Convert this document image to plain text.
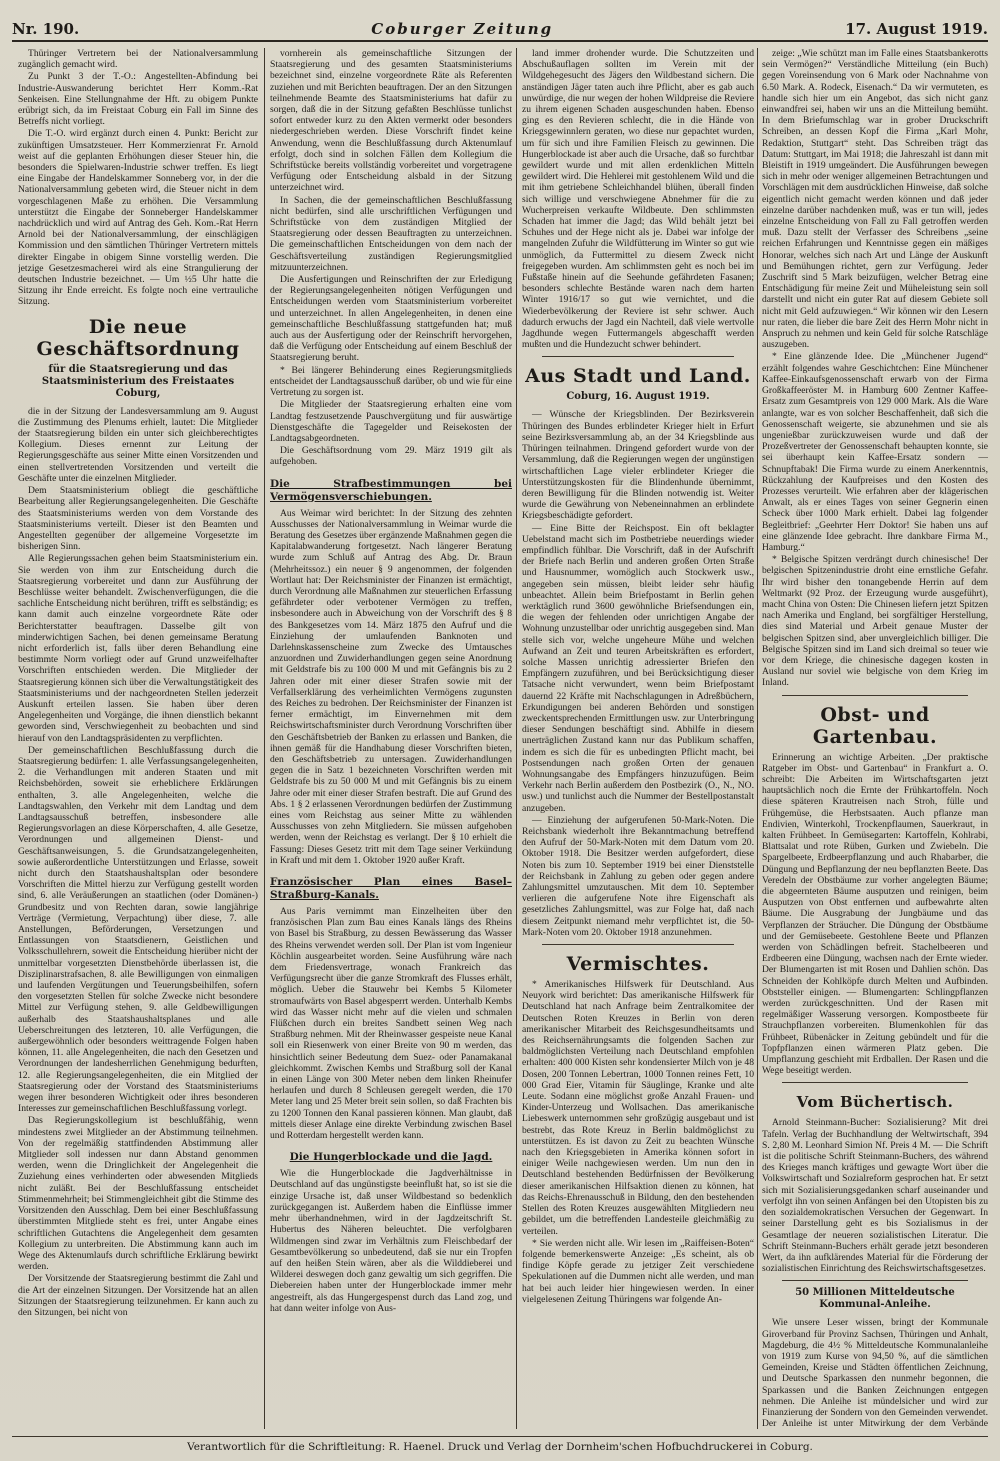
Nr. 190.	Coburger Zeitung	17. August 1919.

Thüringer Vertretern bei der Nationalversammlung zugänglich gemacht wird.

Zu Punkt 3 der T.-O.: Angestellten-Abfindung bei Industrie-Auswanderung berichtet Herr Komm.-Rat Senkeisen. Eine Stellungnahme der Hft. zu obigem Punkte erübrigt sich, da im Freistaat Coburg ein Fall im Sinne des Betreffs nicht vorliegt.

Die T.-O. wird ergänzt durch einen 4. Punkt: Bericht zur zukünftigen Umsatzsteuer. Herr Kommerzienrat Fr. Arnold weist auf die geplanten Erhöhungen dieser Steuer hin, die besonders die Spielwaren-Industrie schwer treffen. Es liegt eine Eingabe der Handelskammer Sonneberg vor, in der die Nationalversammlung gebeten wird, die Steuer nicht in dem vorgeschlagenen Maße zu erhöhen. Die Versammlung unterstützt die Eingabe der Sonneberger Handelskammer nachdrücklich und wird auf Antrag des Geh. Kom.-Rat Herrn Arnold bei der Nationalversammlung, der einschlägigen Kommission und den sämtlichen Thüringer Vertretern mittels direkter Eingabe in obigem Sinne vorstellig werden. Die jetzige Gesetzesmacherei wird als eine Strangulierung der deutschen Industrie bezeichnet. — Um ½5 Uhr hatte die Sitzung ihr Ende erreicht. Es folgte noch eine vertrauliche Sitzung.

Die neue Geschäftsordnung
für die Staatsregierung und das Staatsministerium des Freistaates Coburg,

die in der Sitzung der Landesversammlung am 9. August die Zustimmung des Plenums erhielt, lautet: Die Mitglieder der Staatsregierung bilden ein unter sich gleichberechtigtes Kollegium. Dieses ernennt zur Leitung der Regierungsgeschäfte aus seiner Mitte einen Vorsitzenden und einen stellvertretenden Vorsitzenden und verteilt die Geschäfte unter die einzelnen Mitglieder.

Dem Staatsministerium obliegt die geschäftliche Bearbeitung aller Regierungsangelegenheiten. Die Geschäfte des Staatsministeriums werden von dem Vorstande des Staatsministeriums verteilt. Dieser ist den Beamten und Angestellten gegenüber der allgemeine Vorgesetzte im bisherigen Sinn.

Alle Regierungssachen gehen beim Staatsministerium ein. Sie werden von ihm zur Entscheidung durch die Staatsregierung vorbereitet und dann zur Ausführung der Beschlüsse weiter behandelt. Zwischenverfügungen, die die sachliche Entscheidung nicht berühren, trifft es selbständig; es kann damit auch einzelne vorgeordnete Räte oder Berichterstatter beauftragen. Dasselbe gilt von minderwichtigen Sachen, bei denen gemeinsame Beratung nicht erforderlich ist, falls über deren Behandlung eine bestimmte Norm vorliegt oder auf Grund unzweifelhafter Vorschriften entschieden werden. Die Mitglieder der Staatsregierung können sich über die Verwaltungstätigkeit des Staatsministeriums und der nachgeordneten Stellen jederzeit Auskunft erteilen lassen. Sie haben über deren Angelegenheiten und Vorgänge, die ihnen dienstlich bekannt geworden sind, Verschwiegenheit zu beobachten und sind hierauf von den Landtagspräsidenten zu verpflichten.

Der gemeinschaftlichen Beschlußfassung durch die Staatsregierung bedürfen: 1. alle Verfassungsangelegenheiten, 2. die Verhandlungen mit anderen Staaten und mit Reichsbehörden, soweit sie erheblichere Erklärungen enthalten, 3. alle Angelegenheiten, welche die Landtagswahlen, den Verkehr mit dem Landtag und dem Landtagsausschuß betreffen, insbesondere alle Regierungsvorlagen an diese Körperschaften, 4. alle Gesetze, Verordnungen und allgemeinen Dienst- und Geschäftsanweisungen, 5. die Grundsatzangelegenheiten, sowie außerordentliche Unterstützungen und Erlasse, soweit nicht durch den Staatshaushaltsplan oder besondere Vorschriften die Mittel hierzu zur Verfügung gestellt worden sind, 6. alle Veräußerungen an staatlichen (oder Domänen-) Grundbesitz und von Rechten daran, sowie langjährige Verträge (Vermietung, Verpachtung) über diese, 7. alle Anstellungen, Beförderungen, Versetzungen und Entlassungen von Staatsdienern, Geistlichen und Volksschullehrern, soweit die Entscheidung hierüber nicht der unmittelbar vorgesetzten Dienstbehörde überlassen ist, die Disziplinarstrafsachen, 8. alle Bewilligungen von einmaligen und laufenden Vergütungen und Teuerungsbeihilfen, sofern den vorgesetzten Stellen für solche Zwecke nicht besondere Mittel zur Verfügung stehen, 9. alle Geldbewilligungen außerhalb des Staatshaushaltsplanes und alle Ueberschreitungen des letzteren, 10. alle Verfügungen, die außergewöhnlich oder besonders weittragende Folgen haben können, 11. alle Angelegenheiten, die nach den Gesetzen und Verordnungen der landesherrlichen Genehmigung bedurften, 12. alle Regierungsangelegenheiten, die ein Mitglied der Staatsregierung oder der Vorstand des Staatsministeriums wegen ihrer besonderen Wichtigkeit oder ihres besonderen Interesses zur gemeinschaftlichen Beschlußfassung vorlegt.

Das Regierungskollegium ist beschlußfähig, wenn mindestens zwei Mitglieder an der Abstimmung teilnehmen. Von der regelmäßig stattfindenden Abstimmung aller Mitglieder soll indessen nur dann Abstand genommen werden, wenn die Dringlichkeit der Angelegenheit die Zuziehung eines verhinderten oder abwesenden Mitglieds nicht zuläßt. Bei der Beschlußfassung entscheidet Stimmenmehrheit; bei Stimmengleichheit gibt die Stimme des Vorsitzenden den Ausschlag. Dem bei einer Beschlußfassung überstimmten Mitgliede steht es frei, unter Angabe eines schriftlichen Gutachtens die Angelegenheit dem gesamten Kollegium zu unterbreiten. Die Abstimmung kann auch im Wege des Aktenumlaufs durch schriftliche Erklärung bewirkt werden.

Der Vorsitzende der Staatsregierung bestimmt die Zahl und die Art der einzelnen Sitzungen. Der Vorsitzende hat an allen Sitzungen der Staatsregierung teilzunehmen. Er kann auch zu den Sitzungen, bei nicht von

vornherein als gemeinschaftliche Sitzungen der Staatsregierung und des gesamten Staatsministeriums bezeichnet sind, einzelne vorgeordnete Räte als Referenten zuziehen und mit Berichten beauftragen. Der an den Sitzungen teilnehmende Beamte des Staatsministeriums hat dafür zu sorgen, daß die in der Sitzung gefaßten Beschlüsse tunlichst sofort entweder kurz zu den Akten vermerkt oder besonders niedergeschrieben werden. Diese Vorschrift findet keine Anwendung, wenn die Beschlußfassung durch Aktenumlauf erfolgt, doch sind in solchen Fällen dem Kollegium die Schriftstücke bereits vollständig vorbereitet und vorgetragene Verfügung oder Entscheidung alsbald in der Sitzung unterzeichnet wird.

In Sachen, die der gemeinschaftlichen Beschlußfassung nicht bedürfen, sind alle urschriftlichen Verfügungen und Schriftstücke von dem zuständigen Mitglied der Staatsregierung oder dessen Beauftragten zu unterzeichnen. Die gemeinschaftlichen Entscheidungen von dem nach der Geschäftsverteilung zuständigen Regierungsmitglied mitzuunterzeichnen.

Die Ausfertigungen und Reinschriften der zur Erledigung der Regierungsangelegenheiten nötigen Verfügungen und Entscheidungen werden vom Staatsministerium vorbereitet und unterzeichnet. In allen Angelegenheiten, in denen eine gemeinschaftliche Beschlußfassung stattgefunden hat; muß auch aus der Ausfertigung oder der Reinschrift hervorgehen, daß die Verfügung oder Entscheidung auf einem Beschluß der Staatsregierung beruht.

* Bei längerer Behinderung eines Regierungsmitglieds entscheidet der Landtagsausschuß darüber, ob und wie für eine Vertretung zu sorgen ist.

Die Mitglieder der Staatsregierung erhalten eine vom Landtag festzusetzende Pauschvergütung und für auswärtige Dienstgeschäfte die Tagegelder und Reisekosten der Landtagsabgeordneten.

Die Geschäftsordnung vom 29. März 1919 gilt als aufgehoben.

Die Strafbestimmungen bei Vermögensverschiebungen.

Aus Weimar wird berichtet: In der Sitzung des zehnten Ausschusses der Nationalversammlung in Weimar wurde die Beratung des Gesetzes über ergänzende Maßnahmen gegen die Kapitalabwanderung fortgesetzt. Nach längerer Beratung wurde zum Schluß auf Antrag des Abg. Dr. Braun (Mehrheitssoz.) ein neuer § 9 angenommen, der folgenden Wortlaut hat: Der Reichsminister der Finanzen ist ermächtigt, durch Verordnung alle Maßnahmen zur steuerlichen Erfassung gefährdeter oder verbotener Vermögen zu treffen, insbesondere auch in Abweichung von der Vorschrift des § 8 des Bankgesetzes vom 14. März 1875 den Aufruf und die Einziehung der umlaufenden Banknoten und Darlehnskassenscheine zum Zwecke des Umtausches anzuordnen und Zuwiderhandlungen gegen seine Anordnung mit Geldstrafe bis zu 100 000 M und mit Gefängnis bis zu 2 Jahren oder mit einer dieser Strafen sowie mit der Verfallserklärung des verheimlichten Vermögens zugunsten des Reiches zu bedrohen. Der Reichsminister der Finanzen ist ferner ermächtigt, im Einvernehmen mit dem Reichswirtschaftsminister durch Verordnung Vorschriften über den Geschäftsbetrieb der Banken zu erlassen und Banken, die ihnen gemäß für die Handhabung dieser Vorschriften bieten, den Geschäftsbetrieb zu untersagen. Zuwiderhandlungen gegen die in Satz 1 bezeichneten Vorschriften werden mit Geldstrafe bis zu 50 000 M und mit Gefängnis bis zu einem Jahre oder mit einer dieser Strafen bestraft. Die auf Grund des Abs. 1 § 2 erlassenen Verordnungen bedürfen der Zustimmung eines vom Reichstag aus seiner Mitte zu wählenden Ausschusses von zehn Mitgliedern. Sie müssen aufgehoben werden, wenn der Reichstag es verlangt. Der § 10 erhielt die Fassung: Dieses Gesetz tritt mit dem Tage seiner Verkündung in Kraft und mit dem 1. Oktober 1920 außer Kraft.

Französischer Plan eines Basel–Straßburg-Kanals.

Aus Paris vernimmt man Einzelheiten über den französischen Plan zum Bau eines Kanals längs des Rheins von Basel bis Straßburg, zu dessen Bewässerung das Wasser des Rheins verwendet werden soll. Der Plan ist vom Ingenieur Köchlin ausgearbeitet worden. Seine Ausführung wäre nach dem Friedensvertrage, wonach Frankreich das Verfügungsrecht über die ganze Stromkraft des Flusses erhält, möglich. Ueber die Stauwehr bei Kembs 5 Kilometer stromaufwärts von Basel abgesperrt werden. Unterhalb Kembs wird das Wasser nicht mehr auf die vielen und schmalen Flüßchen durch ein breites Sandbett seinen Weg nach Straßburg nehmen. Mit der Rheinwasser gespeiste neue Kanal soll ein Riesenwerk von einer Breite von 90 m werden, das hinsichtlich seiner Bedeutung dem Suez- oder Panamakanal gleichkommt. Zwischen Kembs und Straßburg soll der Kanal in einen Länge von 300 Meter neben dem linken Rheinufer herlaufen und durch 8 Schleusen geregelt werden, die 170 Meter lang und 25 Meter breit sein sollen, so daß Frachten bis zu 1200 Tonnen den Kanal passieren können. Man glaubt, daß mittels dieser Anlage eine direkte Verbindung zwischen Basel und Rotterdam hergestellt werden kann.

Die Hungerblockade und die Jagd.

Wie die Hungerblockade die Jagdverhältnisse in Deutschland auf das ungünstigste beeinflußt hat, so ist sie die einzige Ursache ist, daß unser Wildbestand so bedenklich zurückgegangen ist. Außerdem haben die Einflüsse immer mehr überhandnehmen, wird in der Jagdzeitschrift St. Hubertus des Näheren beleuchtet. Die verfolgbaren Wildmengen sind zwar im Verhältnis zum Fleischbedarf der Gesamtbevölkerung so unbedeutend, daß sie nur ein Tropfen auf den heißen Stein wären, aber als die Wilddieberei und Wilderei deswegen doch ganz gewaltig um sich gegriffen. Die Diebereien haben unter der Hungerblockade immer mehr angestreift, als das Hungergespenst durch das Land zog, und hat dann weiter infolge von Aus-

land immer drohender wurde. Die Schutzzeiten und Abschußauflagen sollten im Verein mit der Wildgehegesucht des Jägers den Wildbestand sichern. Die anständigen Jäger taten auch ihre Pflicht, aber es gab auch unwürdige, die nur wegen der hohen Wildpreise die Reviere zu ihrem eigenen Schaden ausgeschunden haben. Ebenso ging es den Revieren schlecht, die in die Hände von Kriegsgewinnlern geraten, wo diese nur gepachtet wurden, um für sich und ihre Familien Fleisch zu gewinnen. Die Hungerblockade ist aber auch die Ursache, daß so furchtbar gewildert wurde und mit allen erdenklichen Mitteln gewildert wird. Die Hehlerei mit gestohlenem Wild und die mit ihm getriebene Schleichhandel blühen, überall finden sich willige und verschwiegene Abnehmer für die zu Wucherpreisen verkaufte Wildbeute. Den schlimmsten Schaden hat immer die Jagd; das Wild behält jetzt bei Schuhes und der Hege nicht als je. Dabei war infolge der mangelnden Zufuhr die Wildfütterung im Winter so gut wie unmöglich, da Futtermittel zu diesem Zweck nicht freigegeben wurden. Am schlimmsten geht es noch bei im Fußstaße hinein auf die Seehunde gefährdeten Fasanen; besonders schlechte Bestände waren nach dem harten Winter 1916/17 so gut wie vernichtet, und die Wiederbevölkerung der Reviere ist sehr schwer. Auch dadurch erwuchs der Jagd ein Nachteil, daß viele wertvolle Jagdhunde wegen Futtermangels abgeschafft werden mußten und die Hundezucht schwer behindert.

Aus Stadt und Land.
Coburg, 16. August 1919.

— Wünsche der Kriegsblinden. Der Bezirksverein Thüringen des Bundes erblindeter Krieger hielt in Erfurt seine Bezirksversammlung ab, an der 34 Kriegsblinde aus Thüringen teilnahmen. Dringend gefordert wurde von der Versammlung, daß die Regierungen wegen der ungünstigen wirtschaftlichen Lage vieler erblindeter Krieger die Unterstützungskosten für die Blindenhunde übernimmt, deren Bewilligung für die Blinden notwendig ist. Weiter wurde die Gewährung von Nebeneinnahmen an erblindete Kriegsbeschädigte gefordert.

— Eine Bitte der Reichspost. Ein oft beklagter Uebelstand macht sich im Postbetriebe neuerdings wieder empfindlich fühlbar. Die Vorschrift, daß in der Aufschrift der Briefe nach Berlin und anderen großen Orten Straße und Hausnummer, womöglich auch Stockwerk usw., angegeben sein müssen, bleibt leider sehr häufig unbeachtet. Allein beim Briefpostamt in Berlin gehen werktäglich rund 3600 gewöhnliche Briefsendungen ein, die wegen der fehlenden oder unrichtigen Angabe der Wohnung unzustellbar oder unrichtig ausgegeben sind. Man stelle sich vor, welche ungeheure Mühe und welchen Aufwand an Zeit und teuren Arbeitskräften es erfordert, solche Massen unrichtig adressierter Briefen den Empfängern zuzuführen, und bei Berücksichtigung dieser Tatsache nicht verwundert, wenn beim Briefpostamt dauernd 22 Kräfte mit Nachschlagungen in Adreßbüchern, Erkundigungen bei anderen Behörden und sonstigen zweckentsprechenden Ermittlungen usw. zur Unterbringung dieser Sendungen beschäftigt sind. Abhilfe in diesem unerträglichen Zustand kann nur das Publikum schaffen, indem es sich die für es unbedingten Pflicht macht, bei Postsendungen nach großen Orten der genauen Wohnungsangabe des Empfängers hinzuzufügen. Beim Verkehr nach Berlin außerdem den Postbezirk (O., N., NO. usw.) und tunlichst auch die Nummer der Bestellpostanstalt anzugeben.

— Einziehung der aufgerufenen 50-Mark-Noten. Die Reichsbank wiederholt ihre Bekanntmachung betreffend den Aufruf der 50-Mark-Noten mit dem Datum vom 20. Oktober 1918. Die Besitzer werden aufgefordert, diese Noten bis zum 10. September 1919 bei einer Dienststelle der Reichsbank in Zahlung zu geben oder gegen andere Zahlungsmittel umzutauschen. Mit dem 10. September verlieren die aufgerufene Note ihre Eigenschaft als gesetzliches Zahlungsmittel, was zur Folge hat, daß nach diesem Zeitpunkt niemand mehr verpflichtet ist, die 50-Mark-Noten vom 20. Oktober 1918 anzunehmen.

Vermischtes.

* Amerikanisches Hilfswerk für Deutschland. Aus Neuyork wird berichtet: Das amerikanische Hilfswerk für Deutschland hat nach Anfrage beim Zentralkomitee der Deutschen Roten Kreuzes in Berlin von deren amerikanischer Mitarbeit des Reichsgesundheitsamts und des Reichsernährungsamts die folgenden Sachen zur baldmöglichsten Verteilung nach Deutschland empfohlen erhalten: 400 000 Kisten sehr kondensierter Milch von je 48 Dosen, 200 Tonnen Lebertran, 1000 Tonnen reines Fett, 10 000 Grad Eier, Vitamin für Säuglinge, Kranke und alte Leute. Sodann eine möglichst große Anzahl Frauen- und Kinder-Unterzeug und Wollsachen. Das amerikanische Liebeswerk unternommen sehr großzügig ausgebaut und ist bestrebt, das Rote Kreuz in Berlin baldmöglichst zu unterstützen. Es ist davon zu Zeit zu beachten Wünsche nach den Kriegsgebieten in Amerika können sofort in einiger Weile nachgewiesen werden. Um nun den in Deutschland bestehenden Bedürfnissen der Bevölkerung dieser amerikanischen Hilfsaktion dienen zu können, hat das Reichs-Ehrenausschuß in Bildung, den den bestehenden Stellen des Roten Kreuzes ausgewählten Mitgliedern neu gebildet, um die betreffenden Landesteile gleichmäßig zu verteilen.

* Sie werden nicht alle. Wir lesen im „Raiffeisen-Boten“ folgende bemerkenswerte Anzeige: „Es scheint, als ob findige Köpfe gerade zu jetziger Zeit verschiedene Spekulationen auf die Dummen nicht alle werden, und man hat bei auch leider hier hingewiesen werden. In einer vielgelesenen Zeitung Thüringens war folgende An-

zeige: „Wie schützt man im Falle eines Staatsbankerotts sein Vermögen?“ Verständliche Mitteilung (ein Buch) gegen Voreinsendung von 6 Mark oder Nachnahme von 6.50 Mark. A. Rodeck, Eisenach.“ Da wir vermuteten, es handle sich hier um ein Angebot, das sich nicht ganz einwandfrei sei, haben wir uns an die Mitteilung bemüht. In dem Briefumschlag war in grober Druckschrift Schreiben, an dessen Kopf die Firma „Karl Mohr, Redaktion, Stuttgart“ steht. Das Schreiben trägt das Datum: Stuttgart, im Mai 1918; die Jahreszahl ist dann mit Bleistift in 1919 umgeändert. Die Ausführungen bewegen sich in mehr oder weniger allgemeinen Betrachtungen und Vorschlägen mit dem ausdrücklichen Hinweise, daß solche eigentlich nicht gemacht werden können und daß jeder einzelne darüber nachdenken muß, was er tun will, jedes einzelne Entscheidung von Fall zu Fall getroffen werden muß. Dazu stellt der Verfasser des Schreibens „seine reichen Erfahrungen und Kenntnisse gegen ein mäßiges Honorar, welches sich nach Art und Länge der Auskunft und Bemühungen richtet, gern zur Verfügung. Jeder Zuschrift sind 5 Mark beizufügen, welcher Betrag eine Entschädigung für meine Zeit und Müheleistung sein soll darstellt und nicht ein guter Rat auf diesem Gebiete soll nicht mit Geld aufzuwiegen.“ Wir können wir den Lesern nur raten, die lieber die bare Zeit des Herrn Mohr nicht in Anspruch zu nehmen und kein Geld für solche Ratschläge auszugeben.

* Eine glänzende Idee. Die „Münchener Jugend“ erzählt folgendes wahre Geschichtchen: Eine Münchener Kaffee-Einkaufsgenossenschaft erwarb von der Firma Großkaffeeröster M. in Hamburg 600 Zentner Kaffee-Ersatz zum Gesamtpreis von 129 000 Mark. Als die Ware anlangte, war es von solcher Beschaffenheit, daß sich die Genossenschaft weigerte, sie abzunehmen und sie als ungenießbar zurückzuweisen wurde und daß der Prozeßvertreter der Genossenschaft behaupten konnte, sie sei überhaupt kein Kaffee-Ersatz sondern — Schnupftabak! Die Firma wurde zu einem Anerkenntnis, Rückzahlung der Kaufpreises und den Kosten des Prozesses verurteilt. Wie erfahren aber der klägerischen Anwalt, als er eines Tages von seiner Gegnerin einen Scheck über 1000 Mark erhielt. Dabei lag folgender Begleitbrief: „Geehrter Herr Doktor! Sie haben uns auf eine glänzende Idee gebracht. Ihre dankbare Firma M., Hamburg.“

* Belgische Spitzen verdrängt durch chinesische! Der belgischen Spitzenindustrie droht eine ernstliche Gefahr. Ihr wird bisher den tonangebende Herrin auf dem Weltmarkt (92 Proz. der Erzeugung wurde ausgeführt), macht China von Osten: Die Chinesen liefern jetzt Spitzen nach Amerika und England, bei sorgfältiger Herstellung, dies sind Material und Arbeit genaue Muster der belgischen Spitzen sind, aber unvergleichlich billiger. Die Belgische Spitzen sind im Land sich dreimal so teuer wie vor dem Kriege, die chinesische dagegen kosten in Ausland nur soviel wie belgische von dem Krieg im Inland.

Obst- und Gartenbau.

Erinnerung an wichtige Arbeiten. „Der praktische Ratgeber im Obst- und Gartenbau“ in Frankfurt a. O. schreibt: Die Arbeiten im Wirtschaftsgarten jetzt hauptsächlich noch die Ernte der Frühkartoffeln. Noch diese späteren Krautreisen nach Stroh, fülle und Frühgemüse, die Herbstsaaten. Auch pflanze man Endivien, Winterkohl, Trockenpflaumen, Sauerkraut, in kalten Frühbeet. In Gemüsegarten: Kartoffeln, Kohlrabi, Blattsalat und rote Rüben, Gurken und Zwiebeln. Die Spargelbeete, Erdbeerpflanzung und auch Rhabarber, die Düngung und Bepflanzung der neu bepflanzten Beete. Das Veredeln der Obstbäume zur vorher angelegten Bäume; die abgeernteten Bäume ausputzen und reinigen, beim Ausputzen von Obst entfernen und aufbewahrte alten Bäume. Die Ausgrabung der Jungbäume und das Verpflanzen der Sträucher. Die Düngung der Obstbäume und der Gemüsebeete. Gestohlene Beete und Pflanzen werden von Schädlingen befreit. Stachelbeeren und Erdbeeren eine Düngung, wachsen nach der Ernte wieder. Der Blumengarten ist mit Rosen und Dahlien schön. Das Schneiden der Kohlköpfe durch Melten und Aufbinden. Obststeller einigen. — Blumengarten: Schlingpflanzen werden zurückgeschnitten. Und der Rasen mit regelmäßiger Wasserung versorgen. Kompostbeete für Strauchpflanzen vorbereiten. Blumenkohlen für das Frühbeet, Rübenäcker in Zeitung gebündelt und für die Topfpflanzen einen wärmeren Platz geben. Die Umpflanzung geschieht mit Erdballen. Der Rasen und die Wege beseitigt werden.

Vom Büchertisch.

Arnold Steinmann-Bucher: Sozialisierung? Mit drei Tafeln. Verlag der Buchhandlung der Weltwirtschaft, 394 S. 2,80 M. Leonhard Simion Nf. Preis 4 M. — Die Schrift ist die politische Schrift Steinmann-Buchers, des während des Krieges manch kräftiges und gewagte Wort über die Volkswirtschaft und Sozialreform gesprochen hat. Er setzt sich mit Sozialisierungsgedanken scharf auseinander und verfolgt ihn von seinen Anfängen bei den Utopisten bis zu den sozialdemokratischen Versuchen der Gegenwart. In seiner Darstellung geht es bis Sozialismus in der Gesamtlage der neueren sozialistischen Literatur. Die Schrift Steinmann-Buchers erhält gerade jetzt besonderen Wert, da ihn aufklärendes Material für die Förderung der sozialistischen Einrichtung des Reichswirtschaftsgesetzes.

50 Millionen Mitteldeutsche Kommunal-Anleihe.

Wie unsere Leser wissen, bringt der Kommunale Giroverband für Provinz Sachsen, Thüringen und Anhalt, Magdeburg, die 4½ % Mitteldeutsche Kommunalanleihe von 1919 zum Kurse von 94,50 %, auf die sämtlichen Gemeinden, Kreise und Städten öffentlichen Zeichnung, und Deutsche Sparkassen den nunmehr begonnen, die Sparkassen und die Banken Zeichnungen entgegen nehmen. Die Anleihe ist mündelsicher und wird zur Finanzierung der Sondern von den Gemeinden verwendet. Der Anleihe ist unter Mitwirkung der dem Verbände

Verantwortlich für die Schriftleitung: R. Haenel. Druck und Verlag der Dornheim'schen Hofbuchdruckerei in Coburg.
